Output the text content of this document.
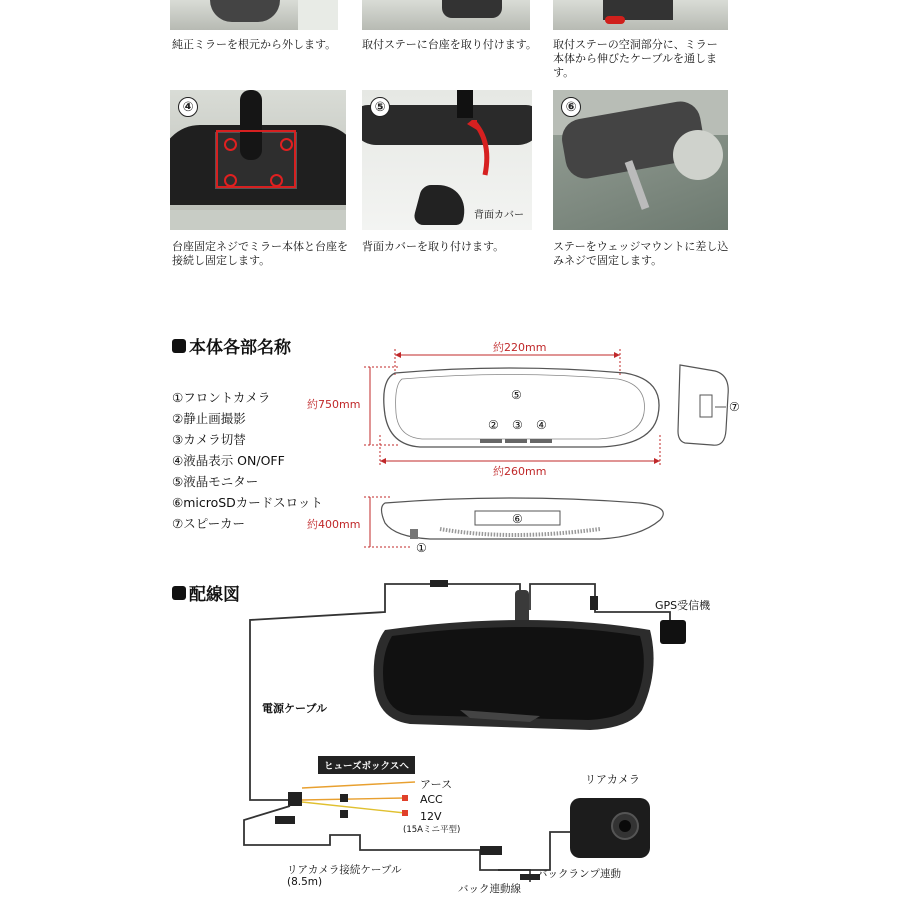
純正ミラーを根元から外します。	取付ステーに台座を取り付けます。	取付ステーの空洞部分に、ミラー本体から伸びたケーブルを通します。
④
背面カバー
⑤	⑥
台座固定ネジでミラー本体と台座を接続し固定します。
背面カバーを取り付けます。	ステーをウェッジマウントに差し込みネジで固定します。
本体各部名称
①フロントカメラ
②静止画撮影
③カメラ切替
④液晶表示 ON/OFF
⑤液晶モニター
⑥microSDカードスロット
⑦スピーカー
約220mm
約750mm
約260mm
約400mm
①
② ③ ④
⑤
⑥
⑦
配線図
GPS受信機
電源ケーブル
ヒューズボックスへ
アース
ACC
12V
(15Aミニ平型)
リアカメラ
リアカメラ接続ケーブル
(8.5m)
バックランプ連動
バック連動線
